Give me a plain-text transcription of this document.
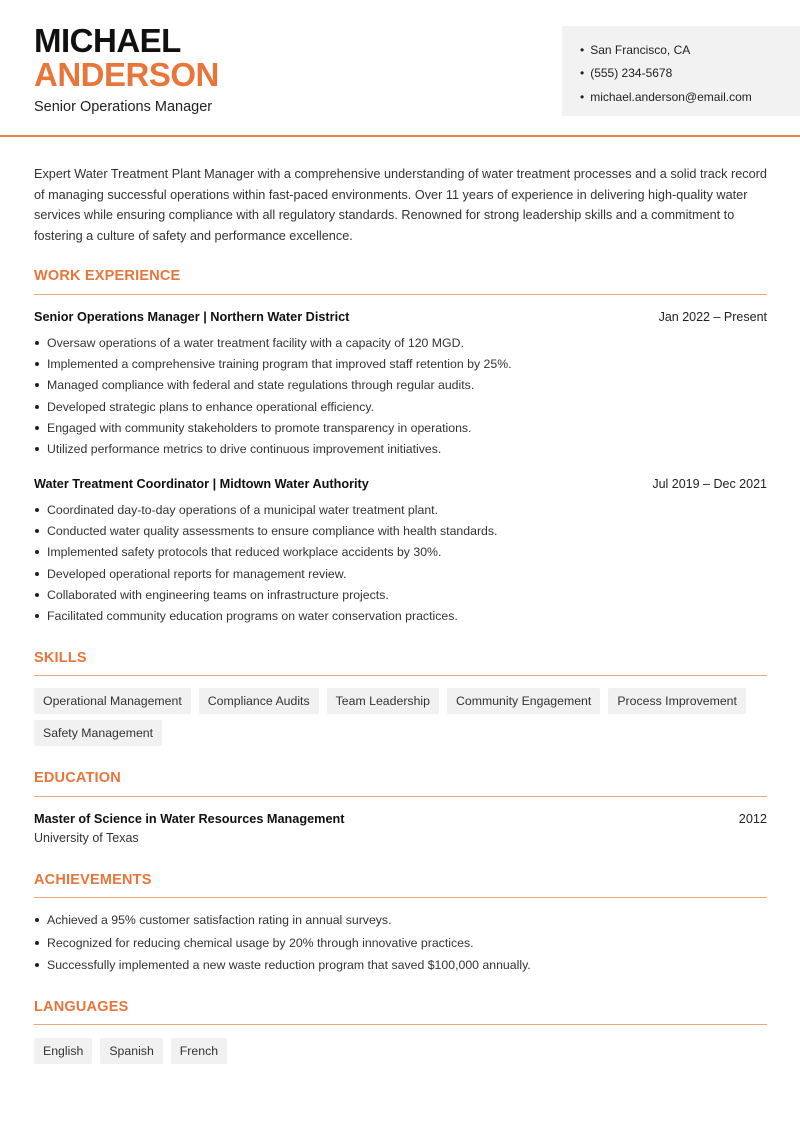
MICHAEL
ANDERSON
Senior Operations Manager
• San Francisco, CA
• (555) 234-5678
• michael.anderson@email.com
Expert Water Treatment Plant Manager with a comprehensive understanding of water treatment processes and a solid track record of managing successful operations within fast-paced environments. Over 11 years of experience in delivering high-quality water services while ensuring compliance with all regulatory standards. Renowned for strong leadership skills and a commitment to fostering a culture of safety and performance excellence.
WORK EXPERIENCE
Senior Operations Manager | Northern Water District	Jan 2022 – Present
Oversaw operations of a water treatment facility with a capacity of 120 MGD.
Implemented a comprehensive training program that improved staff retention by 25%.
Managed compliance with federal and state regulations through regular audits.
Developed strategic plans to enhance operational efficiency.
Engaged with community stakeholders to promote transparency in operations.
Utilized performance metrics to drive continuous improvement initiatives.
Water Treatment Coordinator | Midtown Water Authority	Jul 2019 – Dec 2021
Coordinated day-to-day operations of a municipal water treatment plant.
Conducted water quality assessments to ensure compliance with health standards.
Implemented safety protocols that reduced workplace accidents by 30%.
Developed operational reports for management review.
Collaborated with engineering teams on infrastructure projects.
Facilitated community education programs on water conservation practices.
SKILLS
Operational Management	Compliance Audits	Team Leadership	Community Engagement	Process Improvement
Safety Management
EDUCATION
Master of Science in Water Resources Management	2012
University of Texas
ACHIEVEMENTS
Achieved a 95% customer satisfaction rating in annual surveys.
Recognized for reducing chemical usage by 20% through innovative practices.
Successfully implemented a new waste reduction program that saved $100,000 annually.
LANGUAGES
English	Spanish	French
